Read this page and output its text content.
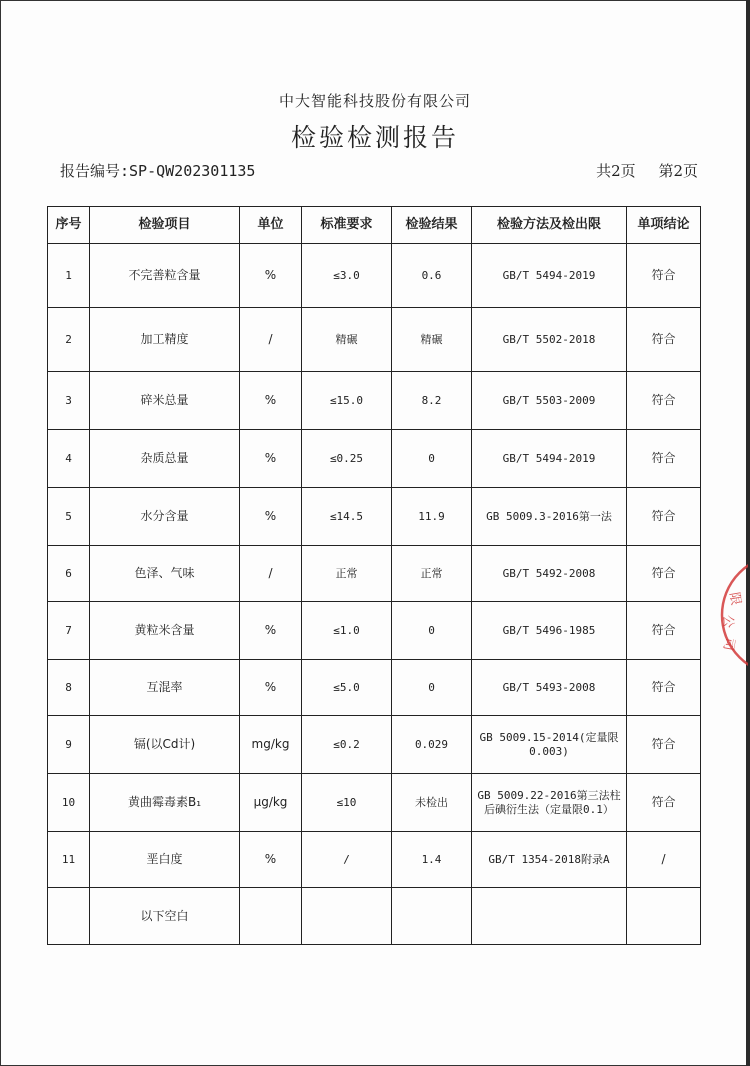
中大智能科技股份有限公司
检验检测报告
报告编号:SP-QW202301135	共2页 第2页
序号	检验项目	单位	标准要求	检验结果	检验方法及检出限	单项结论
1	不完善粒含量	%	≤3.0	0.6	GB/T 5494-2019	符合
2	加工精度	/	精碾	精碾	GB/T 5502-2018	符合
3	碎米总量	%	≤15.0	8.2	GB/T 5503-2009	符合
4	杂质总量	%	≤0.25	0	GB/T 5494-2019	符合
5	水分含量	%	≤14.5	11.9	GB 5009.3-2016第一法	符合
6	色泽、气味	/	正常	正常	GB/T 5492-2008	符合
7	黄粒米含量	%	≤1.0	0	GB/T 5496-1985	符合
8	互混率	%	≤5.0	0	GB/T 5493-2008	符合
9	镉(以Cd计)	mg/kg	≤0.2	0.029	GB 5009.15-2014(定量限0.003)	符合
10	黄曲霉毒素B₁	μg/kg	≤10	未检出	GB 5009.22-2016第三法柱后碘衍生法（定量限0.1）	符合
11	垩白度	%	/	1.4	GB/T 1354-2018附录A	/
	以下空白					
限
公
司
